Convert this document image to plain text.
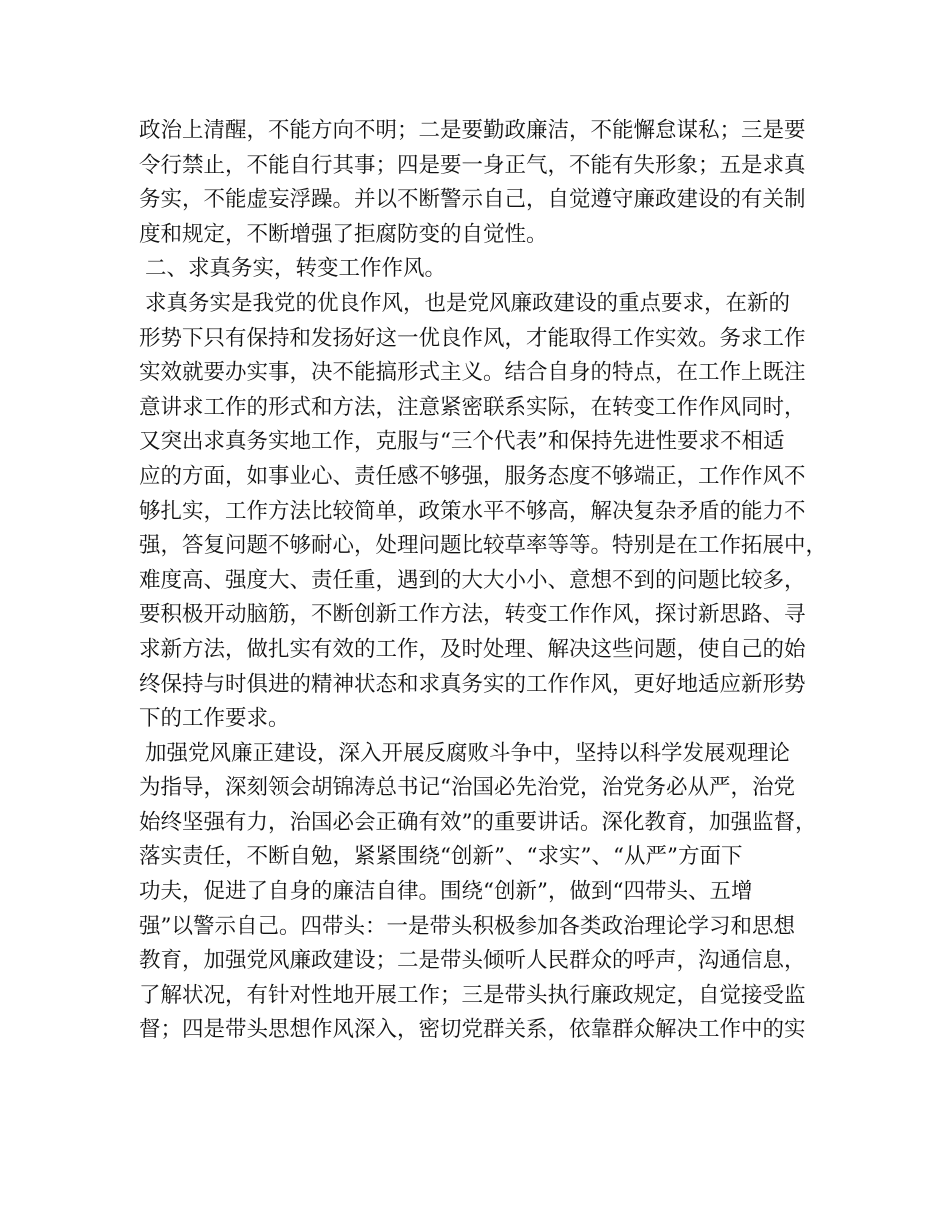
政治上清醒，不能方向不明；二是要勤政廉洁，不能懈怠谋私；三是要
令行禁止，不能自行其事；四是要一身正气，不能有失形象；五是求真
务实，不能虚妄浮躁。并以不断警示自己，自觉遵守廉政建设的有关制
度和规定，不断增强了拒腐防变的自觉性。
二、求真务实，转变工作作风。
求真务实是我党的优良作风，也是党风廉政建设的重点要求，在新的
形势下只有保持和发扬好这一优良作风，才能取得工作实效。务求工作
实效就要办实事，决不能搞形式主义。结合自身的特点，在工作上既注
意讲求工作的形式和方法，注意紧密联系实际，在转变工作作风同时，
又突出求真务实地工作，克服与“三个代表”和保持先进性要求不相适
应的方面，如事业心、责任感不够强，服务态度不够端正，工作作风不
够扎实，工作方法比较简单，政策水平不够高，解决复杂矛盾的能力不
强，答复问题不够耐心，处理问题比较草率等等。特别是在工作拓展中，
难度高、强度大、责任重，遇到的大大小小、意想不到的问题比较多，
要积极开动脑筋，不断创新工作方法，转变工作作风，探讨新思路、寻
求新方法，做扎实有效的工作，及时处理、解决这些问题，使自己的始
终保持与时俱进的精神状态和求真务实的工作作风，更好地适应新形势
下的工作要求。
加强党风廉正建设，深入开展反腐败斗争中，坚持以科学发展观理论
为指导，深刻领会胡锦涛总书记“治国必先治党，治党务必从严，治党
始终坚强有力，治国必会正确有效”的重要讲话。深化教育，加强监督，
落实责任，不断自勉，紧紧围绕“创新”、“求实”、“从严”方面下
功夫，促进了自身的廉洁自律。围绕“创新”，做到“四带头、五增
强”以警示自己。四带头：一是带头积极参加各类政治理论学习和思想
教育，加强党风廉政建设；二是带头倾听人民群众的呼声，沟通信息，
了解状况，有针对性地开展工作；三是带头执行廉政规定，自觉接受监
督；四是带头思想作风深入，密切党群关系，依靠群众解决工作中的实
